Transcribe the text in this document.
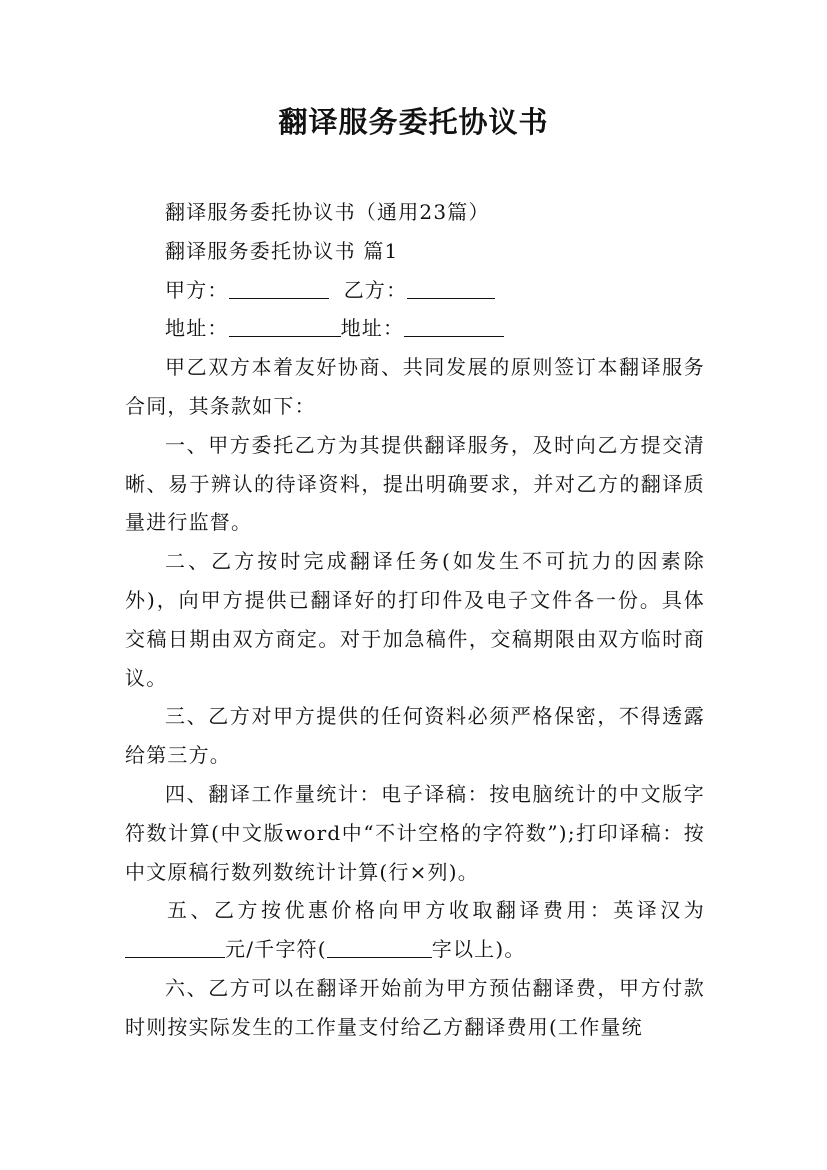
翻译服务委托协议书

翻译服务委托协议书（通用23篇）

翻译服务委托协议书 篇1

甲方：	乙方：

地址：	地址：

甲乙双方本着友好协商、共同发展的原则签订本翻译服务合同，其条款如下：

一、甲方委托乙方为其提供翻译服务，及时向乙方提交清晰、易于辨认的待译资料，提出明确要求，并对乙方的翻译质量进行监督。

二、乙方按时完成翻译任务(如发生不可抗力的因素除外)，向甲方提供已翻译好的打印件及电子文件各一份。具体交稿日期由双方商定。对于加急稿件，交稿期限由双方临时商议。

三、乙方对甲方提供的任何资料必须严格保密，不得透露给第三方。

四、翻译工作量统计：电子译稿：按电脑统计的中文版字符数计算(中文版word中“不计空格的字符数”);打印译稿：按中文原稿行数列数统计计算(行×列)。

五、乙方按优惠价格向甲方收取翻译费用：英译汉为元/千字符(	字以上)。

六、乙方可以在翻译开始前为甲方预估翻译费，甲方付款时则按实际发生的工作量支付给乙方翻译费用(工作量统
